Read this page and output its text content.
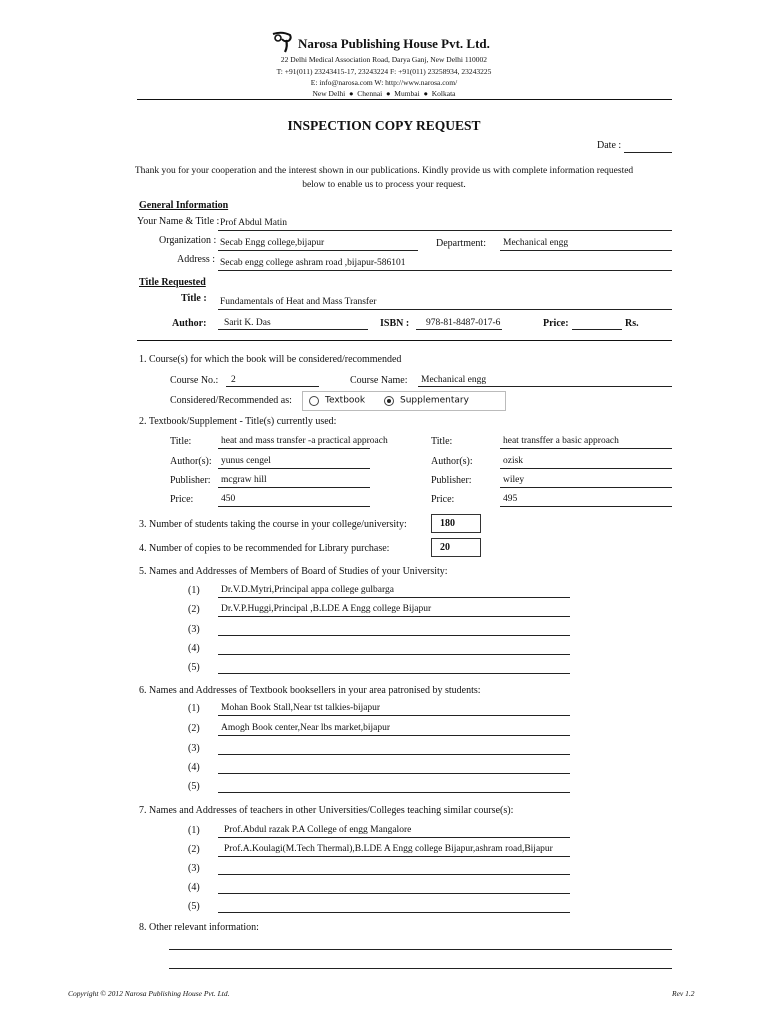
Narosa Publishing House Pvt. Ltd.
22 Delhi Medical Association Road, Darya Ganj, New Delhi 110002
T: +91(011) 23243415-17, 23243224 F: +91(011) 23258934, 23243225
E: info@narosa.com W: http://www.narosa.com/
New Delhi  ●  Chennai  ●  Mumbai  ●  Kolkata
INSPECTION COPY REQUEST
Date :
Thank you for your cooperation and the interest shown in our publications. Kindly provide us with complete information requested
below to enable us to process your request.
General Information
Your Name & Title : Prof Abdul Matin
Organization : Secab Engg college,bijapur	Department: Mechanical engg
Address : Secab engg college ashram road ,bijapur-586101
Title Requested
Title : Fundamentals of Heat and Mass Transfer
Author: Sarit K. Das	ISBN : 978-81-8487-017-6	Price:	Rs.
1. Course(s) for which the book will be considered/recommended
Course No.: 2	Course Name: Mechanical engg
Considered/Recommended as:	Textbook	Supplementary
2. Textbook/Supplement - Title(s) currently used:
Title:	heat and mass transfer -a practical approach	Title:	heat transffer a basic approach
Author(s): yunus cengel	Author(s):	ozisk
Publisher: mcgraw hill	Publisher:	wiley
Price:	450	Price:	495
3. Number of students taking the course in your college/university:	180
4. Number of copies to be recommended for Library purchase:	20
5. Names and Addresses of Members of Board of Studies of your University:
(1) Dr.V.D.Mytri,Principal appa college gulbarga
(2) Dr.V.P.Huggi,Principal ,B.LDE A Engg college Bijapur
(3)
(4)
(5)
6. Names and Addresses of Textbook booksellers in your area patronised by students:
(1) Mohan Book Stall,Near tst talkies-bijapur
(2) Amogh Book center,Near lbs market,bijapur
(3)
(4)
(5)
7. Names and Addresses of teachers in other Universities/Colleges teaching similar course(s):
(1)	Prof.Abdul razak P.A College of engg Mangalore
(2)	Prof.A.Koulagi(M.Tech Thermal),B.LDE A Engg college Bijapur,ashram road,Bijapur
(3)
(4)
(5)
8. Other relevant information:
Copyright © 2012 Narosa Publishing House Pvt. Ltd.	Rev 1.2
